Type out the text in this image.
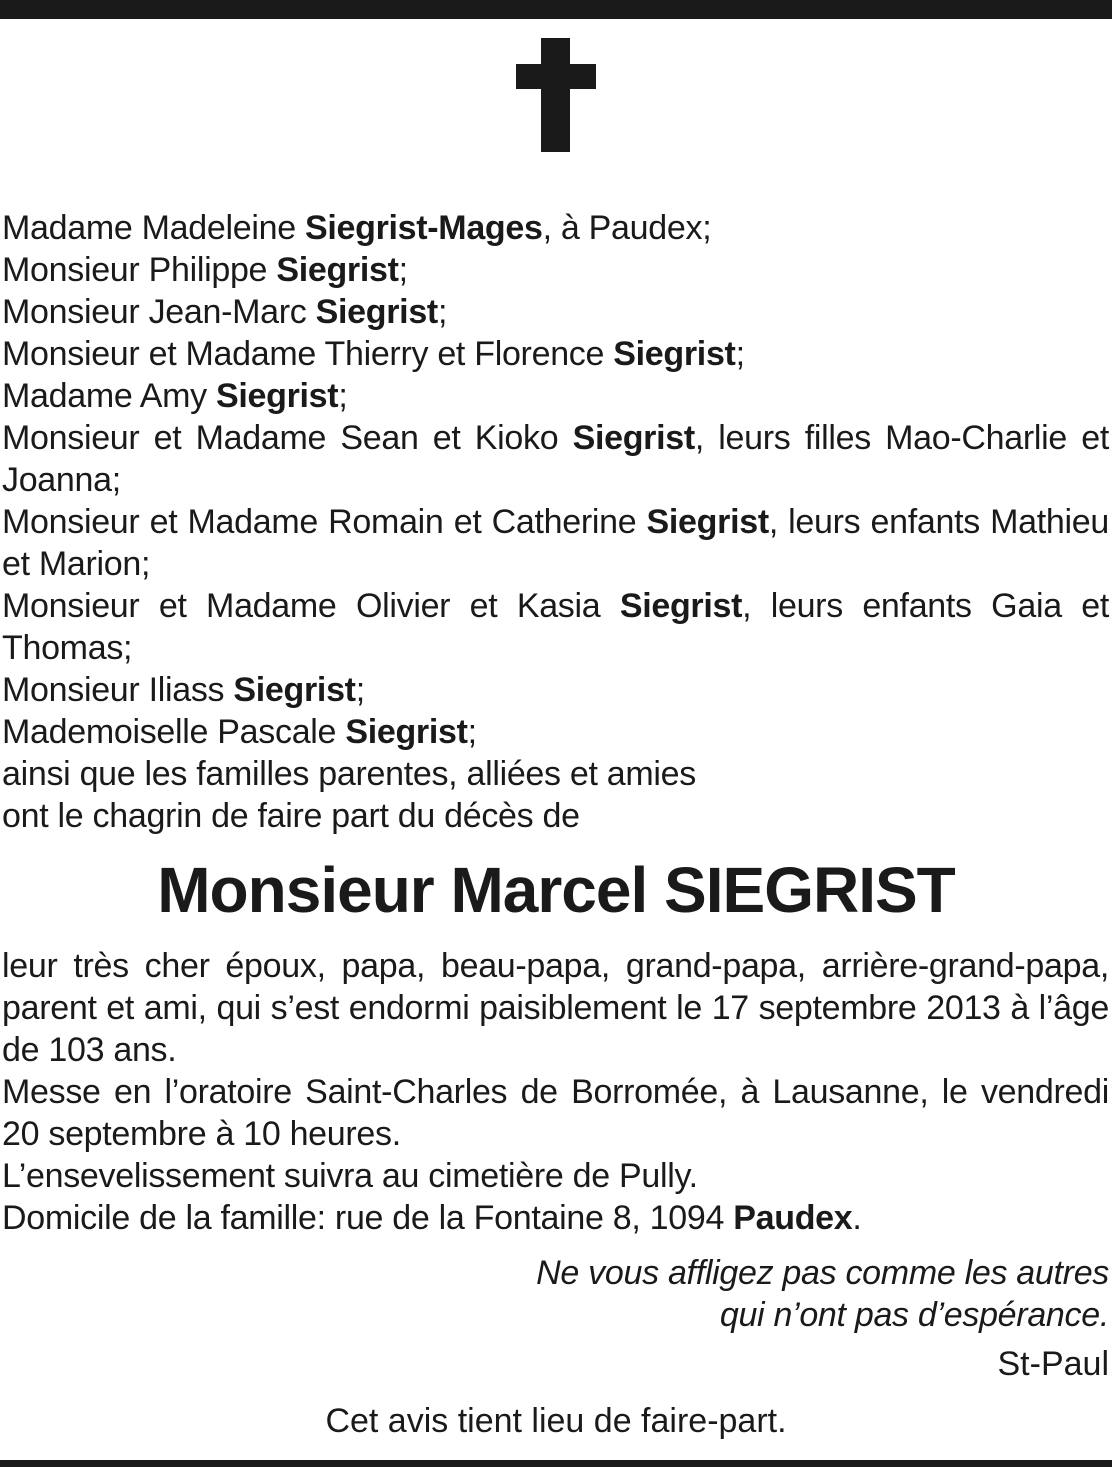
Madame Madeleine Siegrist-Mages, à Paudex;
Monsieur Philippe Siegrist;
Monsieur Jean-Marc Siegrist;
Monsieur et Madame Thierry et Florence Siegrist;
Madame Amy Siegrist;
Monsieur et Madame Sean et Kioko Siegrist, leurs filles Mao-Charlie et Joanna;
Monsieur et Madame Romain et Catherine Siegrist, leurs enfants Mathieu et Marion;
Monsieur et Madame Olivier et Kasia Siegrist, leurs enfants Gaia et Thomas;
Monsieur Iliass Siegrist;
Mademoiselle Pascale Siegrist;
ainsi que les familles parentes, alliées et amies
ont le chagrin de faire part du décès de
Monsieur Marcel SIEGRIST
leur très cher époux, papa, beau-papa, grand-papa, arrière-grand-papa, parent et ami, qui s’est endormi paisiblement le 17 septembre 2013 à l’âge de 103 ans.
Messe en l’oratoire Saint-Charles de Borromée, à Lausanne, le vendredi 20 septembre à 10 heures.
L’ensevelissement suivra au cimetière de Pully.
Domicile de la famille: rue de la Fontaine 8, 1094 Paudex.
Ne vous affligez pas comme les autres
qui n’ont pas d’espérance.
St-Paul
Cet avis tient lieu de faire-part.
